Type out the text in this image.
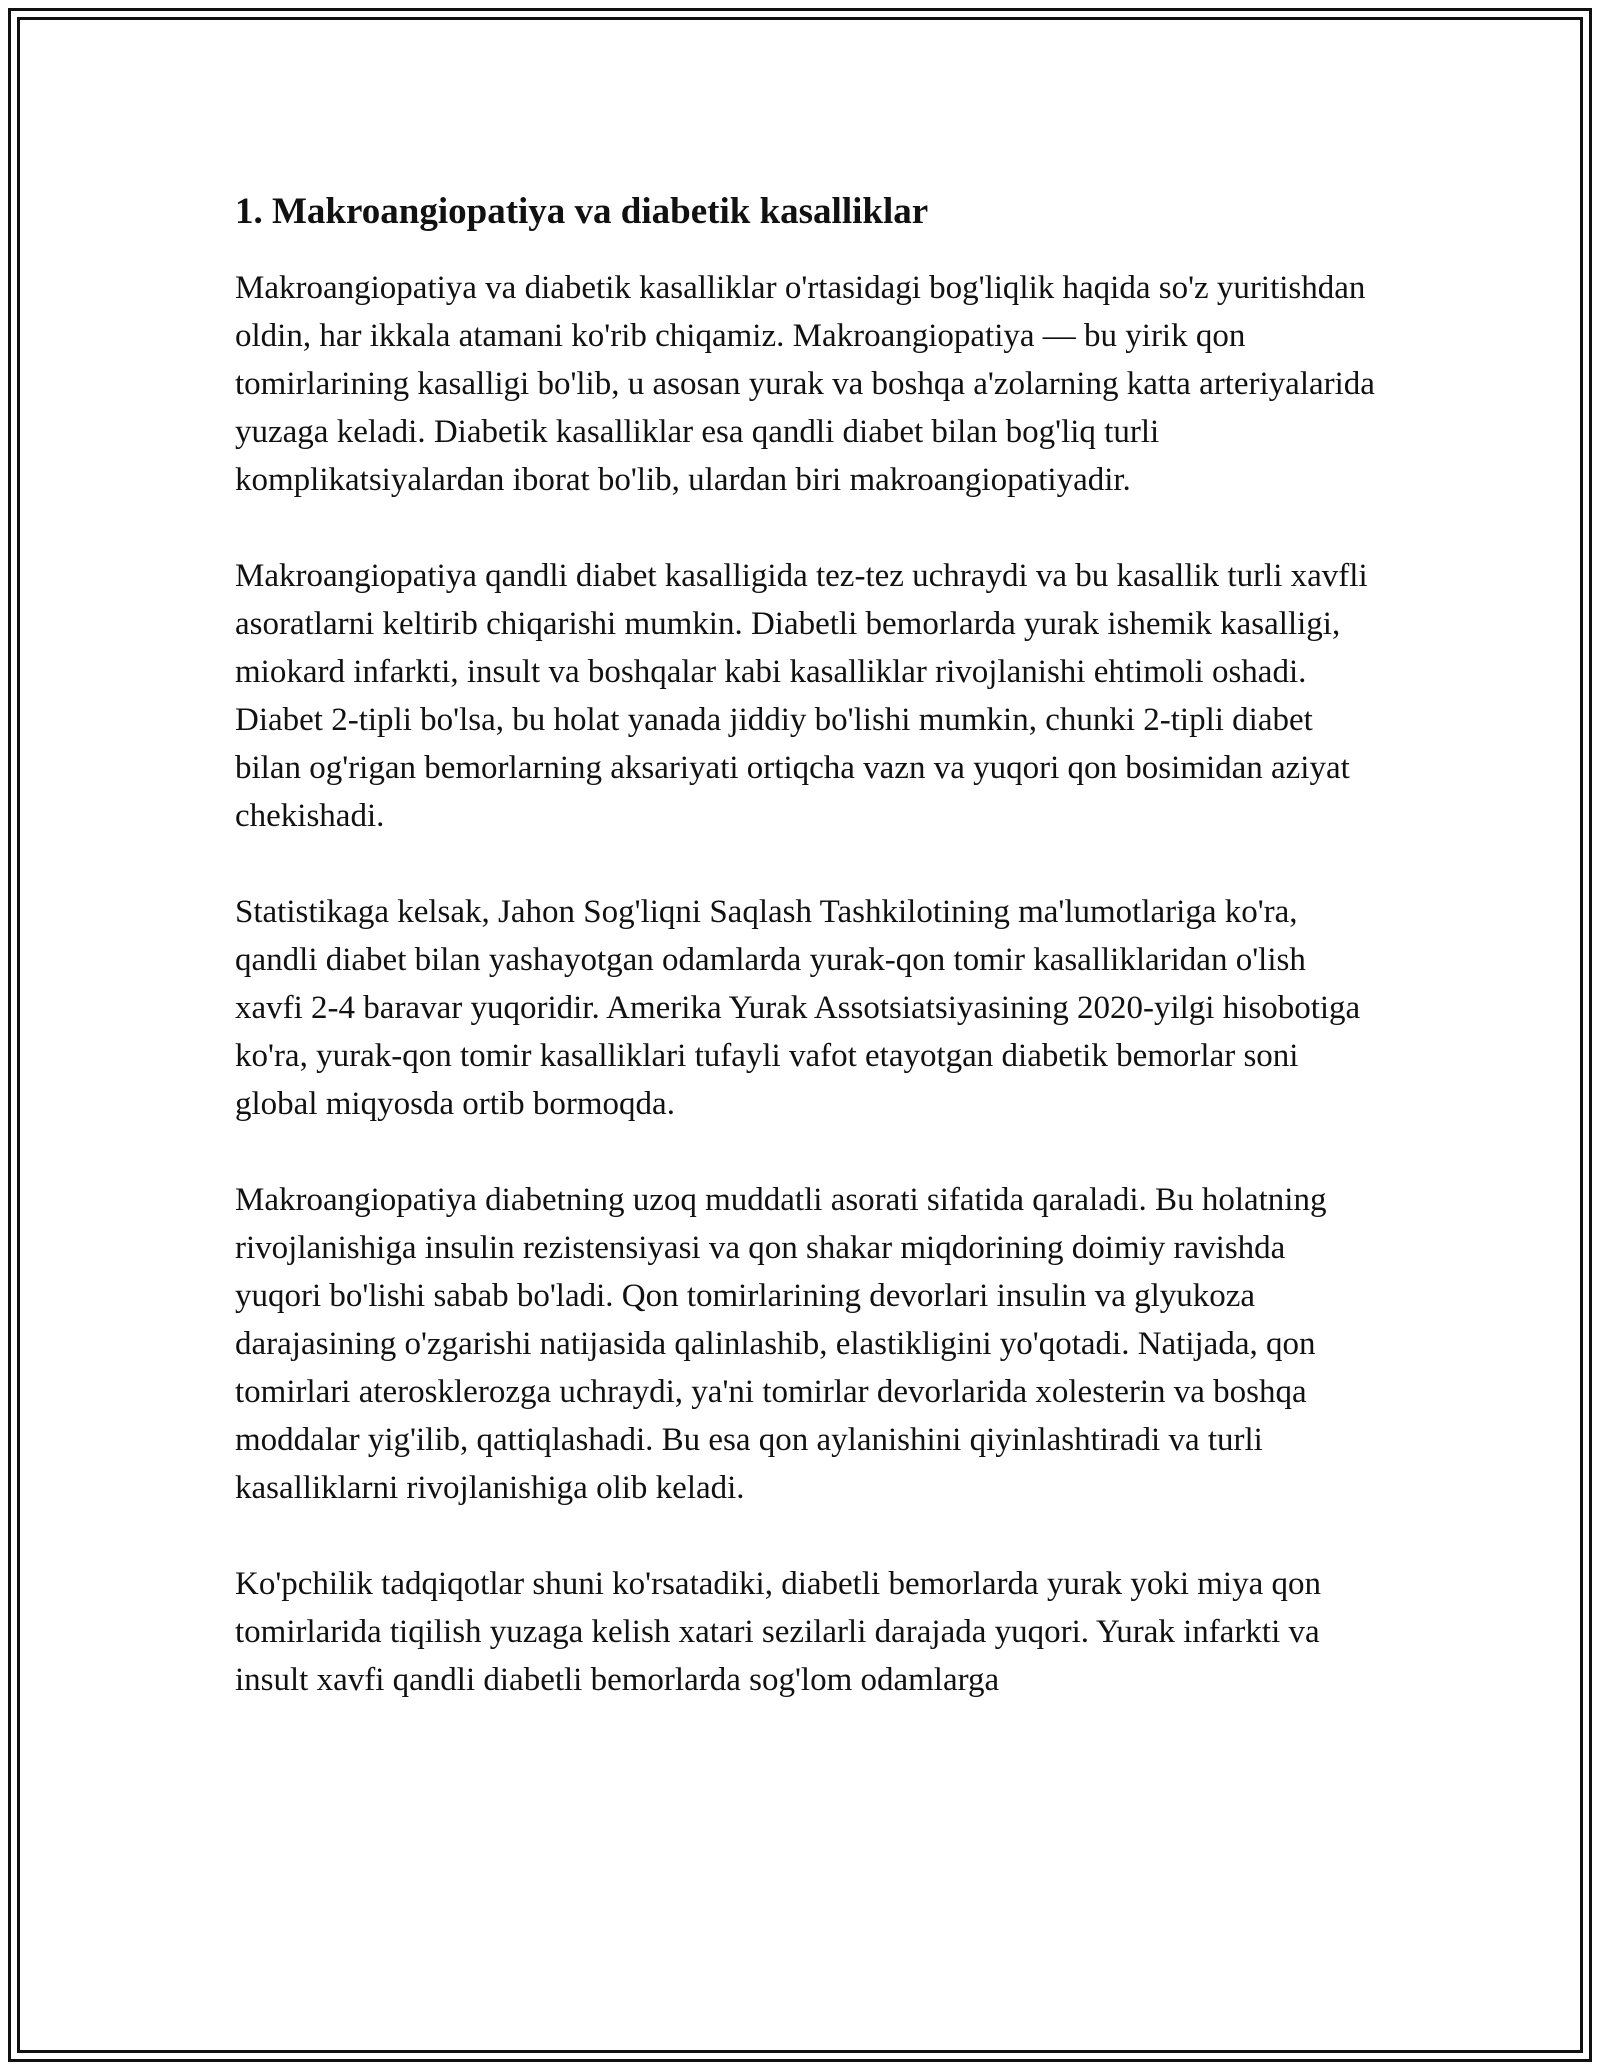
1. Makroangiopatiya va diabetik kasalliklar

Makroangiopatiya va diabetik kasalliklar o'rtasidagi bog'liqlik haqida so'z yuritishdan oldin, har ikkala atamani ko'rib chiqamiz. Makroangiopatiya — bu yirik qon tomirlarining kasalligi bo'lib, u asosan yurak va boshqa a'zolarning katta arteriyalarida yuzaga keladi. Diabetik kasalliklar esa qandli diabet bilan bog'liq turli komplikatsiyalardan iborat bo'lib, ulardan biri makroangiopatiyadir.

Makroangiopatiya qandli diabet kasalligida tez-tez uchraydi va bu kasallik turli xavfli asoratlarni keltirib chiqarishi mumkin. Diabetli bemorlarda yurak ishemik kasalligi, miokard infarkti, insult va boshqalar kabi kasalliklar rivojlanishi ehtimoli oshadi. Diabet 2-tipli bo'lsa, bu holat yanada jiddiy bo'lishi mumkin, chunki 2-tipli diabet bilan og'rigan bemorlarning aksariyati ortiqcha vazn va yuqori qon bosimidan aziyat chekishadi.

Statistikaga kelsak, Jahon Sog'liqni Saqlash Tashkilotining ma'lumotlariga ko'ra, qandli diabet bilan yashayotgan odamlarda yurak-qon tomir kasalliklaridan o'lish xavfi 2-4 baravar yuqoridir. Amerika Yurak Assotsiatsiyasining 2020-yilgi hisobotiga ko'ra, yurak-qon tomir kasalliklari tufayli vafot etayotgan diabetik bemorlar soni global miqyosda ortib bormoqda.

Makroangiopatiya diabetning uzoq muddatli asorati sifatida qaraladi. Bu holatning rivojlanishiga insulin rezistensiyasi va qon shakar miqdorining doimiy ravishda yuqori bo'lishi sabab bo'ladi. Qon tomirlarining devorlari insulin va glyukoza darajasining o'zgarishi natijasida qalinlashib, elastikligini yo'qotadi. Natijada, qon tomirlari aterosklerozga uchraydi, ya'ni tomirlar devorlarida xolesterin va boshqa moddalar yig'ilib, qattiqlashadi. Bu esa qon aylanishini qiyinlashtiradi va turli kasalliklarni rivojlanishiga olib keladi.

Ko'pchilik tadqiqotlar shuni ko'rsatadiki, diabetli bemorlarda yurak yoki miya qon tomirlarida tiqilish yuzaga kelish xatari sezilarli darajada yuqori. Yurak infarkti va insult xavfi qandli diabetli bemorlarda sog'lom odamlarga
